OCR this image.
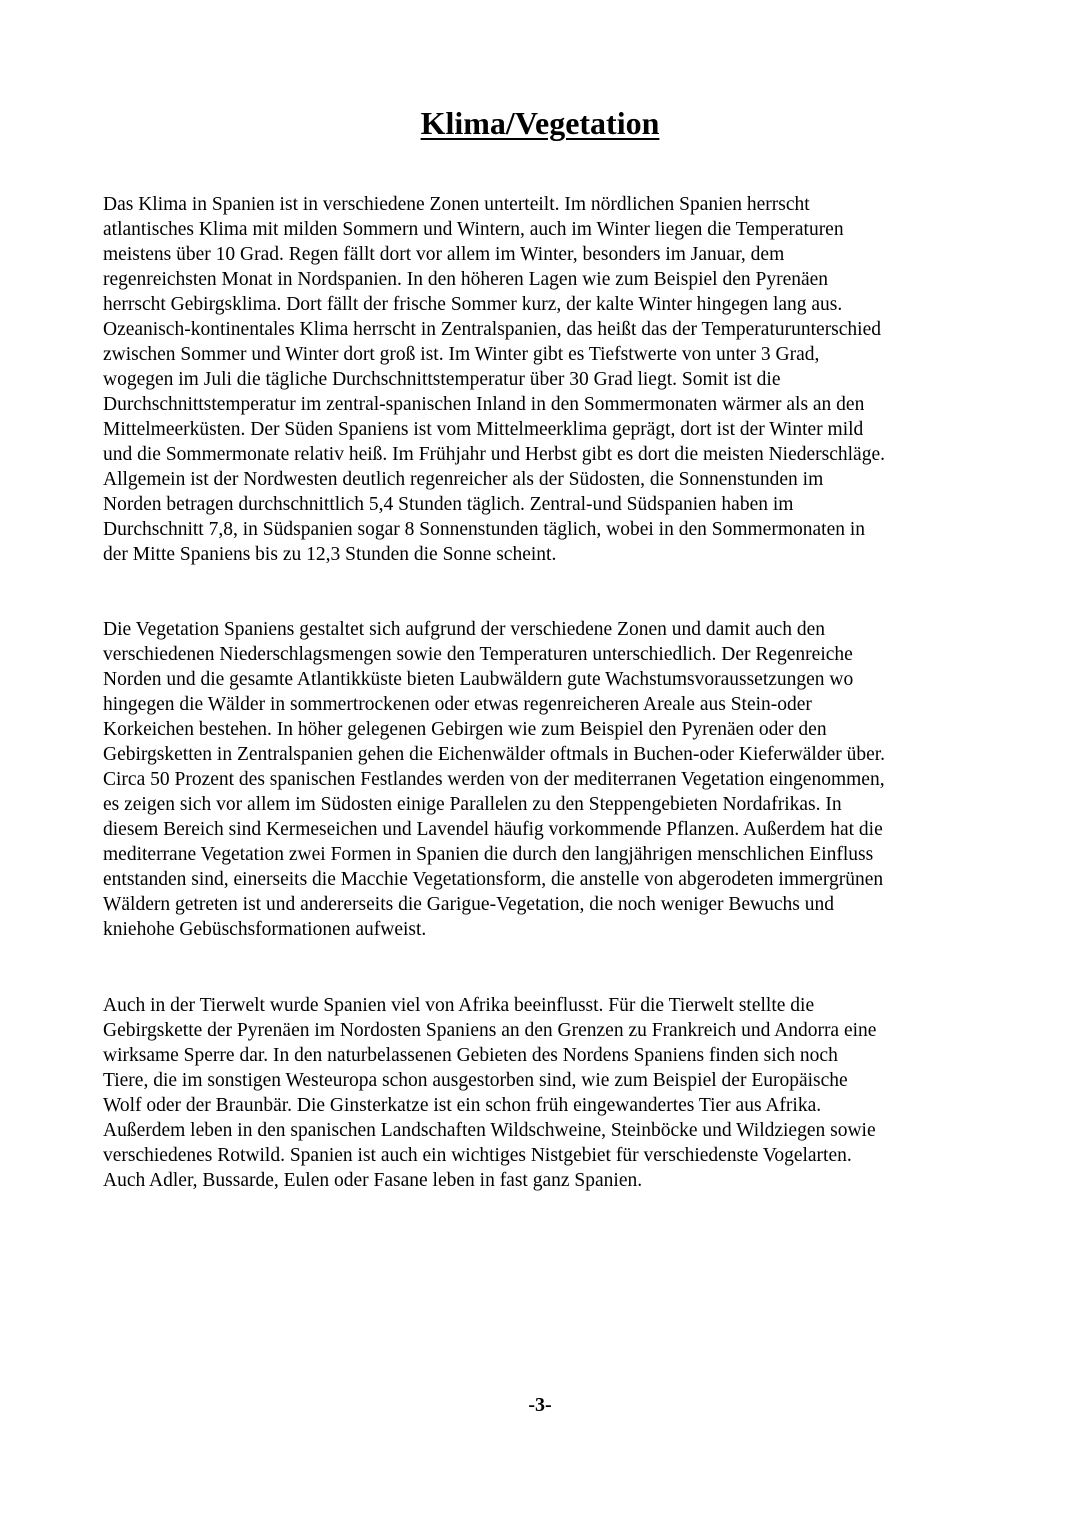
Klima/Vegetation

Das Klima in Spanien ist in verschiedene Zonen unterteilt. Im nördlichen Spanien herrscht
atlantisches Klima mit milden Sommern und Wintern, auch im Winter liegen die Temperaturen
meistens über 10 Grad. Regen fällt dort vor allem im Winter, besonders im Januar, dem
regenreichsten Monat in Nordspanien. In den höheren Lagen wie zum Beispiel den Pyrenäen
herrscht Gebirgsklima. Dort fällt der frische Sommer kurz, der kalte Winter hingegen lang aus.
Ozeanisch-kontinentales Klima herrscht in Zentralspanien, das heißt das der Temperaturunterschied
zwischen Sommer und Winter dort groß ist. Im Winter gibt es Tiefstwerte von unter 3 Grad,
wogegen im Juli die tägliche Durchschnittstemperatur über 30 Grad liegt. Somit ist die
Durchschnittstemperatur im zentral-spanischen Inland in den Sommermonaten wärmer als an den
Mittelmeerküsten. Der Süden Spaniens ist vom Mittelmeerklima geprägt, dort ist der Winter mild
und die Sommermonate relativ heiß. Im Frühjahr und Herbst gibt es dort die meisten Niederschläge.
Allgemein ist der Nordwesten deutlich regenreicher als der Südosten, die Sonnenstunden im
Norden betragen durchschnittlich 5,4 Stunden täglich. Zentral-und Südspanien haben im
Durchschnitt 7,8, in Südspanien sogar 8 Sonnenstunden täglich, wobei in den Sommermonaten in
der Mitte Spaniens bis zu 12,3 Stunden die Sonne scheint.

Die Vegetation Spaniens gestaltet sich aufgrund der verschiedene Zonen und damit auch den
verschiedenen Niederschlagsmengen sowie den Temperaturen unterschiedlich. Der Regenreiche
Norden und die gesamte Atlantikküste bieten Laubwäldern gute Wachstumsvoraussetzungen wo
hingegen die Wälder in sommertrockenen oder etwas regenreicheren Areale aus Stein-oder
Korkeichen bestehen. In höher gelegenen Gebirgen wie zum Beispiel den Pyrenäen oder den
Gebirgsketten in Zentralspanien gehen die Eichenwälder oftmals in Buchen-oder Kieferwälder über.
Circa 50 Prozent des spanischen Festlandes werden von der mediterranen Vegetation eingenommen,
es zeigen sich vor allem im Südosten einige Parallelen zu den Steppengebieten Nordafrikas. In
diesem Bereich sind Kermeseichen und Lavendel häufig vorkommende Pflanzen. Außerdem hat die
mediterrane Vegetation zwei Formen in Spanien die durch den langjährigen menschlichen Einfluss
entstanden sind, einerseits die Macchie Vegetationsform, die anstelle von abgerodeten immergrünen
Wäldern getreten ist und andererseits die Garigue-Vegetation, die noch weniger Bewuchs und
kniehohe Gebüschsformationen aufweist.

Auch in der Tierwelt wurde Spanien viel von Afrika beeinflusst. Für die Tierwelt stellte die
Gebirgskette der Pyrenäen im Nordosten Spaniens an den Grenzen zu Frankreich und Andorra eine
wirksame Sperre dar. In den naturbelassenen Gebieten des Nordens Spaniens finden sich noch
Tiere, die im sonstigen Westeuropa schon ausgestorben sind, wie zum Beispiel der Europäische
Wolf oder der Braunbär. Die Ginsterkatze ist ein schon früh eingewandertes Tier aus Afrika.
Außerdem leben in den spanischen Landschaften Wildschweine, Steinböcke und Wildziegen sowie
verschiedenes Rotwild. Spanien ist auch ein wichtiges Nistgebiet für verschiedenste Vogelarten.
Auch Adler, Bussarde, Eulen oder Fasane leben in fast ganz Spanien.

-3-
